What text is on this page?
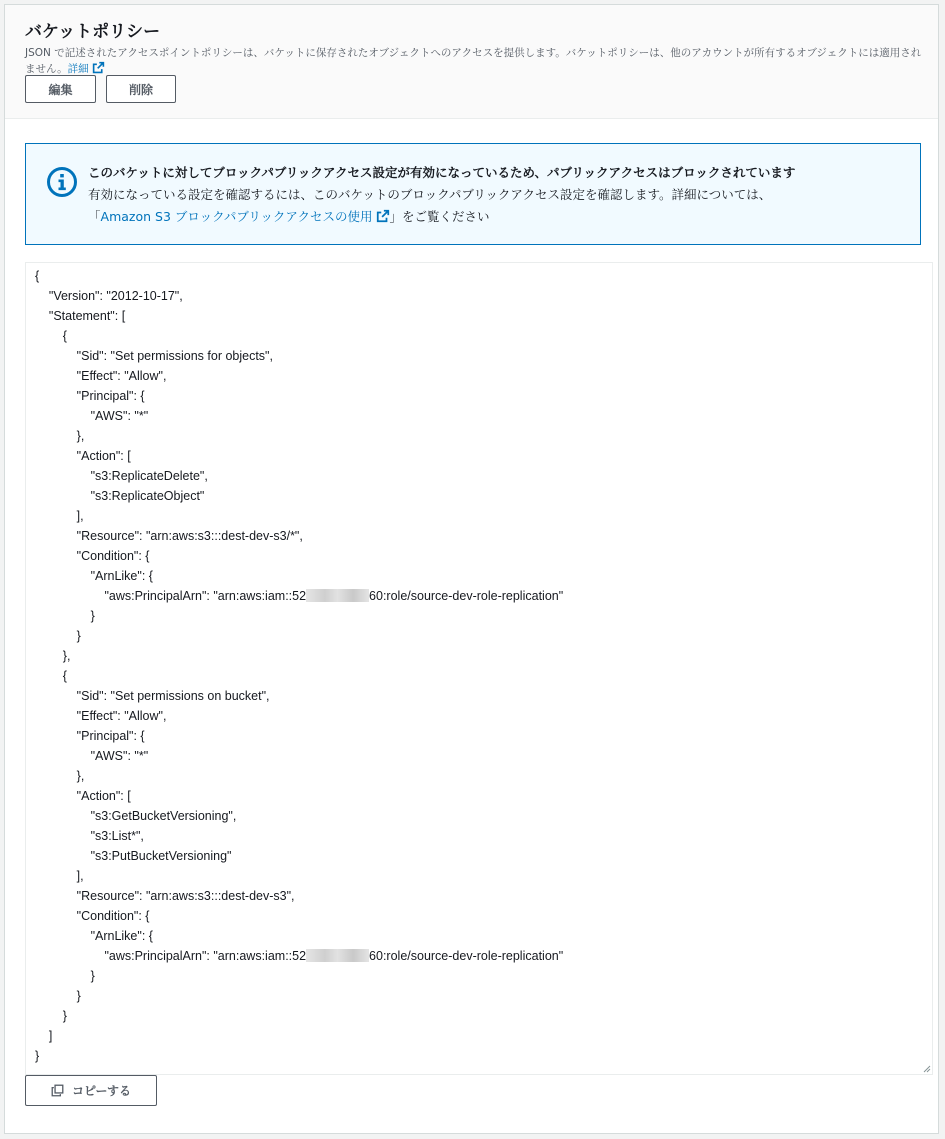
バケットポリシー

JSON で記述されたアクセスポイントポリシーは、バケットに保存されたオブジェクトへのアクセスを提供します。バケットポリシーは、他のアカウントが所有するオブジェクトには適用されません。詳細

編集	削除

このバケットに対してブロックパブリックアクセス設定が有効になっているため、パブリックアクセスはブロックされています

有効になっている設定を確認するには、このバケットのブロックパブリックアクセス設定を確認します。詳細については、
「Amazon S3 ブロックパブリックアクセスの使用 」をご覧ください

{
"Version": "2012-10-17",
"Statement": [
{
"Sid": "Set permissions for objects",
"Effect": "Allow",
"Principal": {
"AWS": "*"
},
"Action": [
"s3:ReplicateDelete",
"s3:ReplicateObject"
],
"Resource": "arn:aws:s3:::dest-dev-s3/*",
"Condition": {
"ArnLike": {
"aws:PrincipalArn": "arn:aws:iam::52	60:role/source-dev-role-replication"
}
}
},
{
"Sid": "Set permissions on bucket",
"Effect": "Allow",
"Principal": {
"AWS": "*"
},
"Action": [
"s3:GetBucketVersioning",
"s3:List*",
"s3:PutBucketVersioning"
],
"Resource": "arn:aws:s3:::dest-dev-s3",
"Condition": {
"ArnLike": {
"aws:PrincipalArn": "arn:aws:iam::52	60:role/source-dev-role-replication"
}
}
}
]
}
コピーする
